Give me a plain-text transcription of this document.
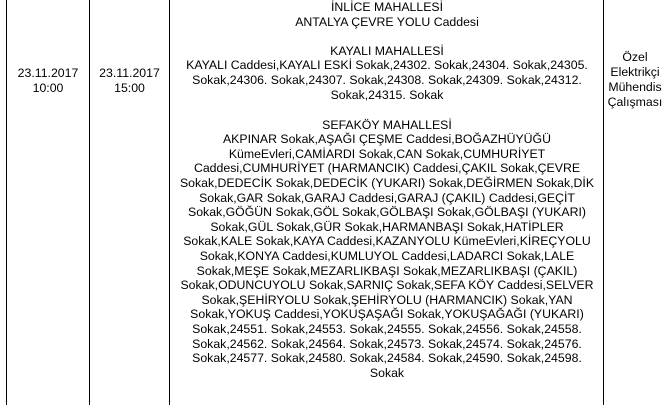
23.11.2017
10:00
23.11.2017
15:00
İNLİCE MAHALLESİ
ANTALYA ÇEVRE YOLU Caddesi
KAYALI MAHALLESİ
KAYALI Caddesi,KAYALI ESKİ Sokak,24302. Sokak,24304. Sokak,24305.
Sokak,24306. Sokak,24307. Sokak,24308. Sokak,24309. Sokak,24312.
Sokak,24315. Sokak
SEFAKÖY MAHALLESİ
AKPINAR Sokak,AŞAĞI ÇEŞME Caddesi,BOĞAZHÜYÜĞÜ
KümeEvleri,CAMİARDI Sokak,CAN Sokak,CUMHURİYET
Caddesi,CUMHURİYET (HARMANCIK) Caddesi,ÇAKIL Sokak,ÇEVRE
Sokak,DEDECİK Sokak,DEDECİK (YUKARI) Sokak,DEĞİRMEN Sokak,DİK
Sokak,GAR Sokak,GARAJ Caddesi,GARAJ (ÇAKIL) Caddesi,GEÇİT
Sokak,GÖĞÜN Sokak,GÖL Sokak,GÖLBAŞI Sokak,GÖLBAŞI (YUKARI)
Sokak,GÜL Sokak,GÜR Sokak,HARMANBAŞI Sokak,HATİPLER
Sokak,KALE Sokak,KAYA Caddesi,KAZANYOLU KümeEvleri,KİREÇYOLU
Sokak,KONYA Caddesi,KUMLUYOL Caddesi,LADARCI Sokak,LALE
Sokak,MEŞE Sokak,MEZARLIKBAŞI Sokak,MEZARLIKBAŞI (ÇAKIL)
Sokak,ODUNCUYOLU Sokak,SARNIÇ Sokak,SEFA KÖY Caddesi,SELVER
Sokak,ŞEHİRYOLU Sokak,ŞEHİRYOLU (HARMANCIK) Sokak,YAN
Sokak,YOKUŞ Caddesi,YOKUŞAŞAĞI Sokak,YOKUŞAĞAĞI (YUKARI)
Sokak,24551. Sokak,24553. Sokak,24555. Sokak,24556. Sokak,24558.
Sokak,24562. Sokak,24564. Sokak,24573. Sokak,24574. Sokak,24576.
Sokak,24577. Sokak,24580. Sokak,24584. Sokak,24590. Sokak,24598.
Sokak
Özel
Elektrikçi
Mühendis
Çalışması
